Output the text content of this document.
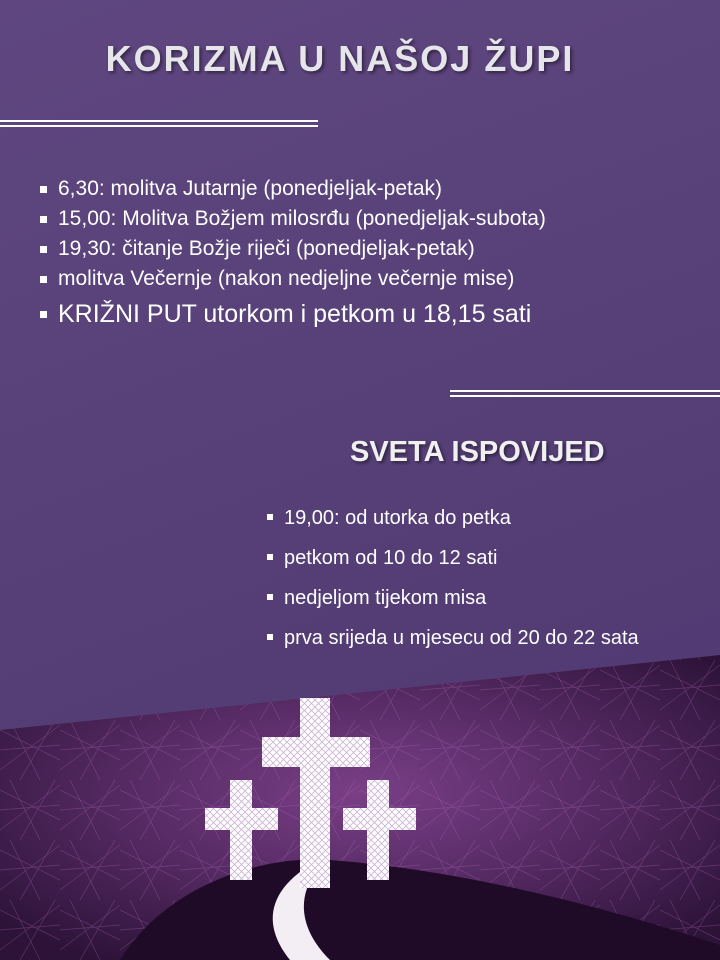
KORIZMA U NAŠOJ ŽUPI
6,30: molitva Jutarnje (ponedjeljak-petak)
15,00: Molitva Božjem milosrđu (ponedjeljak-subota)
19,30: čitanje Božje riječi (ponedjeljak-petak)
molitva Večernje (nakon nedjeljne večernje mise)
KRIŽNI PUT utorkom i petkom u 18,15 sati
SVETA ISPOVIJED
19,00: od utorka do petka
petkom od 10 do 12 sati
nedjeljom tijekom misa
prva srijeda u mjesecu od 20 do 22 sata
